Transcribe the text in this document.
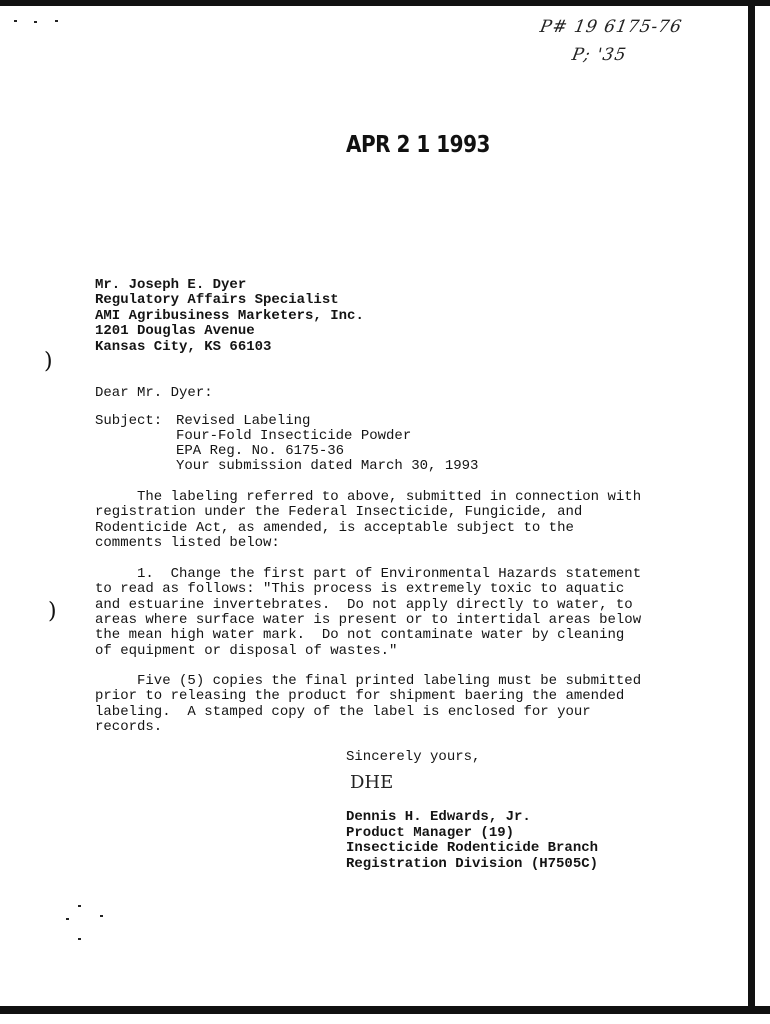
P# 19 6175-76
P; '35
APR 2 1 1993
)
)
Mr. Joseph E. Dyer
Regulatory Affairs Specialist
AMI Agribusiness Marketers, Inc.
1201 Douglas Avenue
Kansas City, KS 66103
Dear Mr. Dyer:
Subject: Revised Labeling
Four-Fold Insecticide Powder
EPA Reg. No. 6175-36
Your submission dated March 30, 1993
The labeling referred to above, submitted in connection with
registration under the Federal Insecticide, Fungicide, and
Rodenticide Act, as amended, is acceptable subject to the
comments listed below:
1.  Change the first part of Environmental Hazards statement
to read as follows: "This process is extremely toxic to aquatic
and estuarine invertebrates.  Do not apply directly to water, to
areas where surface water is present or to intertidal areas below
the mean high water mark.  Do not contaminate water by cleaning
of equipment or disposal of wastes."
Five (5) copies the final printed labeling must be submitted
prior to releasing the product for shipment baering the amended
labeling.  A stamped copy of the label is enclosed for your
records.
Sincerely yours,
DHE
Dennis H. Edwards, Jr.
Product Manager (19)
Insecticide Rodenticide Branch
Registration Division (H7505C)
